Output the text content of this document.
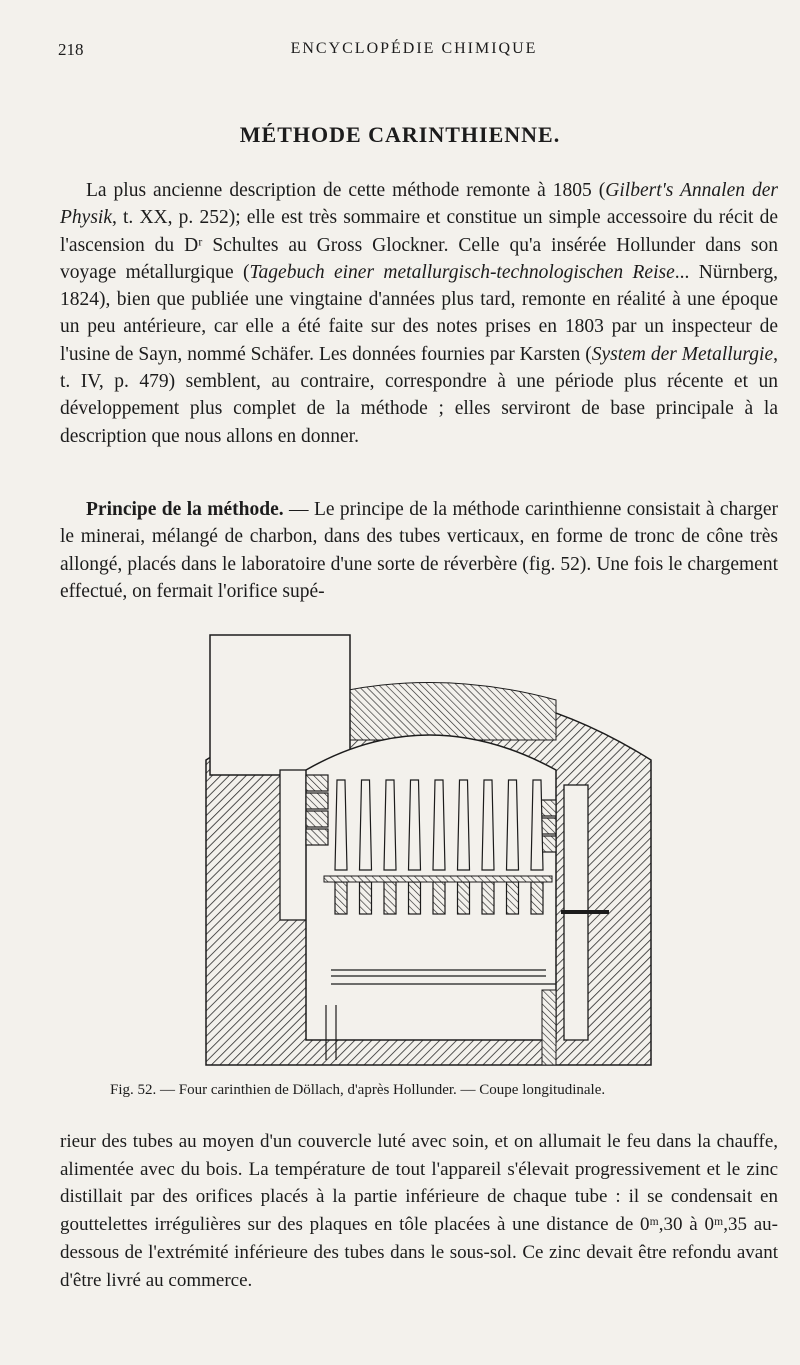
218	ENCYCLOPÉDIE CHIMIQUE
MÉTHODE CARINTHIENNE.

La plus ancienne description de cette méthode remonte à 1805 (Gilbert's Annalen der Physik, t. XX, p. 252); elle est très sommaire et constitue un simple accessoire du récit de l'ascension du Dʳ Schultes au Gross Glockner. Celle qu'a insérée Hollunder dans son voyage métallurgique (Tagebuch einer metallurgisch-technologischen Reise... Nürnberg, 1824), bien que publiée une vingtaine d'années plus tard, remonte en réalité à une époque un peu antérieure, car elle a été faite sur des notes prises en 1803 par un inspecteur de l'usine de Sayn, nommé Schäfer. Les données fournies par Karsten (System der Metallurgie, t. IV, p. 479) semblent, au contraire, correspondre à une période plus récente et un développement plus complet de la méthode ; elles serviront de base principale à la description que nous allons en donner.

Principe de la méthode. — Le principe de la méthode carinthienne consistait à charger le minerai, mélangé de charbon, dans des tubes verticaux, en forme de tronc de cône très allongé, placés dans le laboratoire d'une sorte de réverbère (fig. 52). Une fois le chargement effectué, on fermait l'orifice supé-

Fig. 52. — Four carinthien de Döllach, d'après Hollunder. — Coupe longitudinale.

rieur des tubes au moyen d'un couvercle luté avec soin, et on allumait le feu dans la chauffe, alimentée avec du bois. La température de tout l'appareil s'élevait progressivement et le zinc distillait par des orifices placés à la partie inférieure de chaque tube : il se condensait en gouttelettes irrégulières sur des plaques en tôle placées à une distance de 0ᵐ,30 à 0ᵐ,35 au-dessous de l'extrémité inférieure des tubes dans le sous-sol. Ce zinc devait être refondu avant d'être livré au commerce.
